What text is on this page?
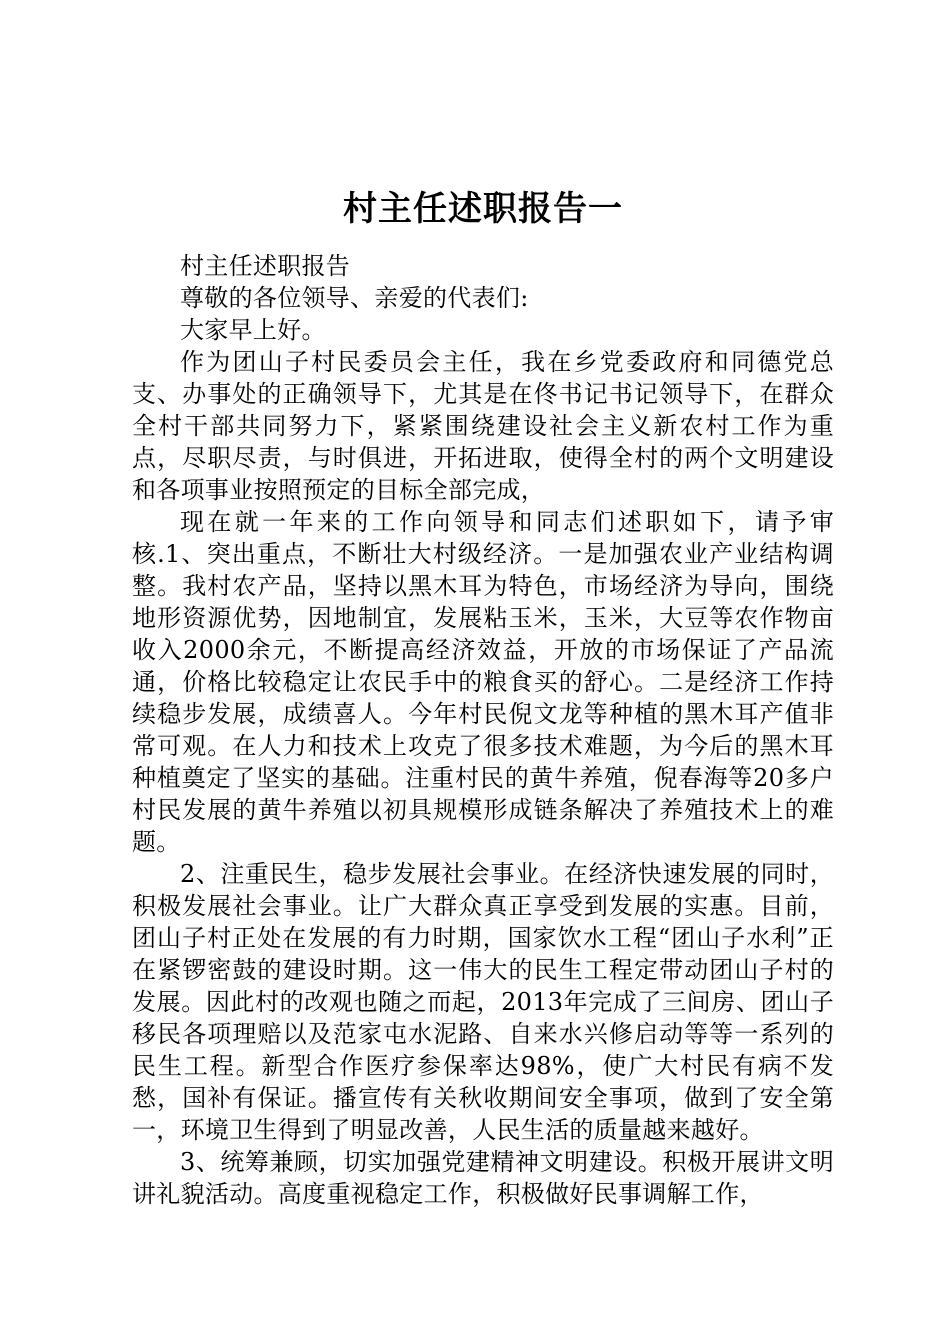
村主任述职报告一

村主任述职报告

尊敬的各位领导、亲爱的代表们:

大家早上好。

作为团山子村民委员会主任，我在乡党委政府和同德党总支、办事处的正确领导下，尤其是在佟书记书记领导下，在群众全村干部共同努力下，紧紧围绕建设社会主义新农村工作为重点，尽职尽责，与时俱进，开拓进取，使得全村的两个文明建设和各项事业按照预定的目标全部完成，

现在就一年来的工作向领导和同志们述职如下，请予审核.1、突出重点，不断壮大村级经济。一是加强农业产业结构调整。我村农产品，坚持以黑木耳为特色，市场经济为导向，围绕地形资源优势，因地制宜，发展粘玉米，玉米，大豆等农作物亩收入2000余元，不断提高经济效益，开放的市场保证了产品流通，价格比较稳定让农民手中的粮食买的舒心。二是经济工作持续稳步发展，成绩喜人。今年村民倪文龙等种植的黑木耳产值非常可观。在人力和技术上攻克了很多技术难题，为今后的黑木耳种植奠定了坚实的基础。注重村民的黄牛养殖，倪春海等20多户村民发展的黄牛养殖以初具规模形成链条解决了养殖技术上的难题。

2、注重民生，稳步发展社会事业。在经济快速发展的同时，积极发展社会事业。让广大群众真正享受到发展的实惠。目前，团山子村正处在发展的有力时期，国家饮水工程“团山子水利”正在紧锣密鼓的建设时期。这一伟大的民生工程定带动团山子村的发展。因此村的改观也随之而起，2013年完成了三间房、团山子移民各项理赔以及范家屯水泥路、自来水兴修启动等等一系列的民生工程。新型合作医疗参保率达98%，使广大村民有病不发愁，国补有保证。播宣传有关秋收期间安全事项，做到了安全第一，环境卫生得到了明显改善，人民生活的质量越来越好。

3、统筹兼顾，切实加强党建精神文明建设。积极开展讲文明讲礼貌活动。高度重视稳定工作，积极做好民事调解工作，
